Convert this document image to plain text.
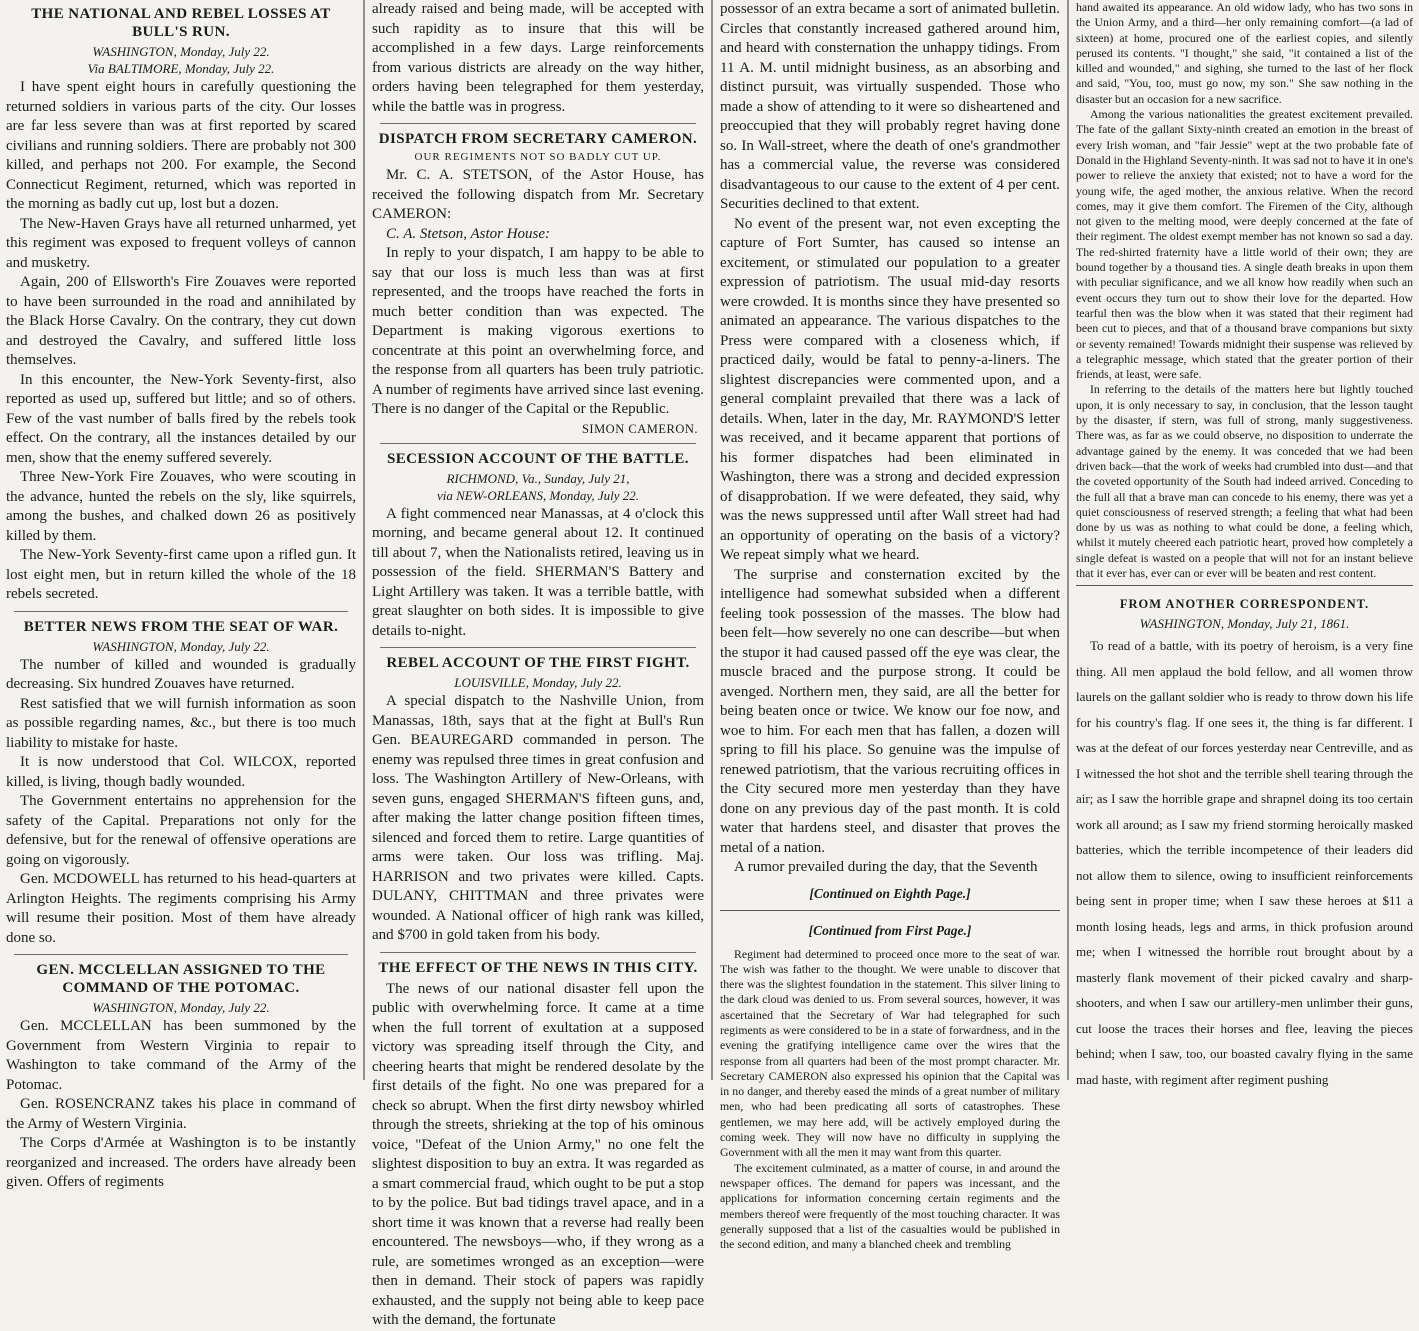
THE NATIONAL AND REBEL LOSSES AT BULL'S RUN.
WASHINGTON, Monday, July 22.
Via BALTIMORE, Monday, July 22.

I have spent eight hours in carefully questioning the returned soldiers in various parts of the city. Our losses are far less severe than was at first reported by scared civilians and running soldiers. There are probably not 300 killed, and perhaps not 200. For example, the Second Connecticut Regiment, returned, which was reported in the morning as badly cut up, lost but a dozen.

The New-Haven Grays have all returned unharmed, yet this regiment was exposed to frequent volleys of cannon and musketry.

Again, 200 of Ellsworth's Fire Zouaves were reported to have been surrounded in the road and annihilated by the Black Horse Cavalry. On the contrary, they cut down and destroyed the Cavalry, and suffered little loss themselves.

In this encounter, the New-York Seventy-first, also reported as used up, suffered but little; and so of others. Few of the vast number of balls fired by the rebels took effect. On the contrary, all the instances detailed by our men, show that the enemy suffered severely.

Three New-York Fire Zouaves, who were scouting in the advance, hunted the rebels on the sly, like squirrels, among the bushes, and chalked down 26 as positively killed by them.

The New-York Seventy-first came upon a rifled gun. It lost eight men, but in return killed the whole of the 18 rebels secreted.

BETTER NEWS FROM THE SEAT OF WAR.
WASHINGTON, Monday, July 22.

The number of killed and wounded is gradually decreasing. Six hundred Zouaves have returned.

Rest satisfied that we will furnish information as soon as possible regarding names, &c., but there is too much liability to mistake for haste.

It is now understood that Col. WILCOX, reported killed, is living, though badly wounded.

The Government entertains no apprehension for the safety of the Capital. Preparations not only for the defensive, but for the renewal of offensive operations are going on vigorously.

Gen. MCDOWELL has returned to his head-quarters at Arlington Heights. The regiments comprising his Army will resume their position. Most of them have already done so.

GEN. MCCLELLAN ASSIGNED TO THE COMMAND OF THE POTOMAC.
WASHINGTON, Monday, July 22.

Gen. MCCLELLAN has been summoned by the Government from Western Virginia to repair to Washington to take command of the Army of the Potomac.

Gen. ROSENCRANZ takes his place in command of the Army of Western Virginia.

The Corps d'Armée at Washington is to be instantly reorganized and increased. The orders have already been given. Offers of regiments

already raised and being made, will be accepted with such rapidity as to insure that this will be accomplished in a few days. Large reinforcements from various districts are already on the way hither, orders having been telegraphed for them yesterday, while the battle was in progress.

DISPATCH FROM SECRETARY CAMERON.
OUR REGIMENTS NOT SO BADLY CUT UP.

Mr. C. A. STETSON, of the Astor House, has received the following dispatch from Mr. Secretary CAMERON:

C. A. Stetson, Astor House:

In reply to your dispatch, I am happy to be able to say that our loss is much less than was at first represented, and the troops have reached the forts in much better condition than was expected. The Department is making vigorous exertions to concentrate at this point an overwhelming force, and the response from all quarters has been truly patriotic. A number of regiments have arrived since last evening. There is no danger of the Capital or the Republic.

SIMON CAMERON.
SECESSION ACCOUNT OF THE BATTLE.
RICHMOND, Va., Sunday, July 21,
via NEW-ORLEANS, Monday, July 22.

A fight commenced near Manassas, at 4 o'clock this morning, and became general about 12. It continued till about 7, when the Nationalists retired, leaving us in possession of the field. SHERMAN'S Battery and Light Artillery was taken. It was a terrible battle, with great slaughter on both sides. It is impossible to give details to-night.

REBEL ACCOUNT OF THE FIRST FIGHT.
LOUISVILLE, Monday, July 22.

A special dispatch to the Nashville Union, from Manassas, 18th, says that at the fight at Bull's Run Gen. BEAUREGARD commanded in person. The enemy was repulsed three times in great confusion and loss. The Washington Artillery of New-Orleans, with seven guns, engaged SHERMAN'S fifteen guns, and, after making the latter change position fifteen times, silenced and forced them to retire. Large quantities of arms were taken. Our loss was trifling. Maj. HARRISON and two privates were killed. Capts. DULANY, CHITTMAN and three privates were wounded. A National officer of high rank was killed, and $700 in gold taken from his body.

THE EFFECT OF THE NEWS IN THIS CITY.

The news of our national disaster fell upon the public with overwhelming force. It came at a time when the full torrent of exultation at a supposed victory was spreading itself through the City, and cheering hearts that might be rendered desolate by the first details of the fight. No one was prepared for a check so abrupt. When the first dirty newsboy whirled through the streets, shrieking at the top of his ominous voice, "Defeat of the Union Army," no one felt the slightest disposition to buy an extra. It was regarded as a smart commercial fraud, which ought to be put a stop to by the police. But bad tidings travel apace, and in a short time it was known that a reverse had really been encountered. The newsboys—who, if they wrong as a rule, are sometimes wronged as an exception—were then in demand. Their stock of papers was rapidly exhausted, and the supply not being able to keep pace with the demand, the fortunate

possessor of an extra became a sort of animated bulletin. Circles that constantly increased gathered around him, and heard with consternation the unhappy tidings. From 11 A. M. until midnight business, as an absorbing and distinct pursuit, was virtually suspended. Those who made a show of attending to it were so disheartened and preoccupied that they will probably regret having done so. In Wall-street, where the death of one's grandmother has a commercial value, the reverse was considered disadvantageous to our cause to the extent of 4 per cent. Securities declined to that extent.

No event of the present war, not even excepting the capture of Fort Sumter, has caused so intense an excitement, or stimulated our population to a greater expression of patriotism. The usual mid-day resorts were crowded. It is months since they have presented so animated an appearance. The various dispatches to the Press were compared with a closeness which, if practiced daily, would be fatal to penny-a-liners. The slightest discrepancies were commented upon, and a general complaint prevailed that there was a lack of details. When, later in the day, Mr. RAYMOND'S letter was received, and it became apparent that portions of his former dispatches had been eliminated in Washington, there was a strong and decided expression of disapprobation. If we were defeated, they said, why was the news suppressed until after Wall street had had an opportunity of operating on the basis of a victory? We repeat simply what we heard.

The surprise and consternation excited by the intelligence had somewhat subsided when a different feeling took possession of the masses. The blow had been felt—how severely no one can describe—but when the stupor it had caused passed off the eye was clear, the muscle braced and the purpose strong. It could be avenged. Northern men, they said, are all the better for being beaten once or twice. We know our foe now, and woe to him. For each men that has fallen, a dozen will spring to fill his place. So genuine was the impulse of renewed patriotism, that the various recruiting offices in the City secured more men yesterday than they have done on any previous day of the past month. It is cold water that hardens steel, and disaster that proves the metal of a nation.

A rumor prevailed during the day, that the Seventh

[Continued on Eighth Page.]
[Continued from First Page.]

Regiment had determined to proceed once more to the seat of war. The wish was father to the thought. We were unable to discover that there was the slightest foundation in the statement. This silver lining to the dark cloud was denied to us. From several sources, however, it was ascertained that the Secretary of War had telegraphed for such regiments as were considered to be in a state of forwardness, and in the evening the gratifying intelligence came over the wires that the response from all quarters had been of the most prompt character. Mr. Secretary CAMERON also expressed his opinion that the Capital was in no danger, and thereby eased the minds of a great number of military men, who had been predicating all sorts of catastrophes. These gentlemen, we may here add, will be actively employed during the coming week. They will now have no difficulty in supplying the Government with all the men it may want from this quarter.

The excitement culminated, as a matter of course, in and around the newspaper offices. The demand for papers was incessant, and the applications for information concerning certain regiments and the members thereof were frequently of the most touching character. It was generally supposed that a list of the casualties would be published in the second edition, and many a blanched cheek and trembling

hand awaited its appearance. An old widow lady, who has two sons in the Union Army, and a third—her only remaining comfort—(a lad of sixteen) at home, procured one of the earliest copies, and silently perused its contents. "I thought," she said, "it contained a list of the killed and wounded," and sighing, she turned to the last of her flock and said, "You, too, must go now, my son." She saw nothing in the disaster but an occasion for a new sacrifice.

Among the various nationalities the greatest excitement prevailed. The fate of the gallant Sixty-ninth created an emotion in the breast of every Irish woman, and "fair Jessie" wept at the two probable fate of Donald in the Highland Seventy-ninth. It was sad not to have it in one's power to relieve the anxiety that existed; not to have a word for the young wife, the aged mother, the anxious relative. When the record comes, may it give them comfort. The Firemen of the City, although not given to the melting mood, were deeply concerned at the fate of their regiment. The oldest exempt member has not known so sad a day. The red-shirted fraternity have a little world of their own; they are bound together by a thousand ties. A single death breaks in upon them with peculiar significance, and we all know how readily when such an event occurs they turn out to show their love for the departed. How tearful then was the blow when it was stated that their regiment had been cut to pieces, and that of a thousand brave companions but sixty or seventy remained! Towards midnight their suspense was relieved by a telegraphic message, which stated that the greater portion of their friends, at least, were safe.

In referring to the details of the matters here but lightly touched upon, it is only necessary to say, in conclusion, that the lesson taught by the disaster, if stern, was full of strong, manly suggestiveness. There was, as far as we could observe, no disposition to underrate the advantage gained by the enemy. It was conceded that we had been driven back—that the work of weeks had crumbled into dust—and that the coveted opportunity of the South had indeed arrived. Conceding to the full all that a brave man can concede to his enemy, there was yet a quiet consciousness of reserved strength; a feeling that what had been done by us was as nothing to what could be done, a feeling which, whilst it mutely cheered each patriotic heart, proved how completely a single defeat is wasted on a people that will not for an instant believe that it ever has, ever can or ever will be beaten and rest content.

FROM ANOTHER CORRESPONDENT.
WASHINGTON, Monday, July 21, 1861.

To read of a battle, with its poetry of heroism, is a very fine thing. All men applaud the bold fellow, and all women throw laurels on the gallant soldier who is ready to throw down his life for his country's flag. If one sees it, the thing is far different. I was at the defeat of our forces yesterday near Centreville, and as I witnessed the hot shot and the terrible shell tearing through the air; as I saw the horrible grape and shrapnel doing its too certain work all around; as I saw my friend storming heroically masked batteries, which the terrible incompetence of their leaders did not allow them to silence, owing to insufficient reinforcements being sent in proper time; when I saw these heroes at $11 a month losing heads, legs and arms, in thick profusion around me; when I witnessed the horrible rout brought about by a masterly flank movement of their picked cavalry and sharp-shooters, and when I saw our artillery-men unlimber their guns, cut loose the traces their horses and flee, leaving the pieces behind; when I saw, too, our boasted cavalry flying in the same mad haste, with regiment after regiment pushing
